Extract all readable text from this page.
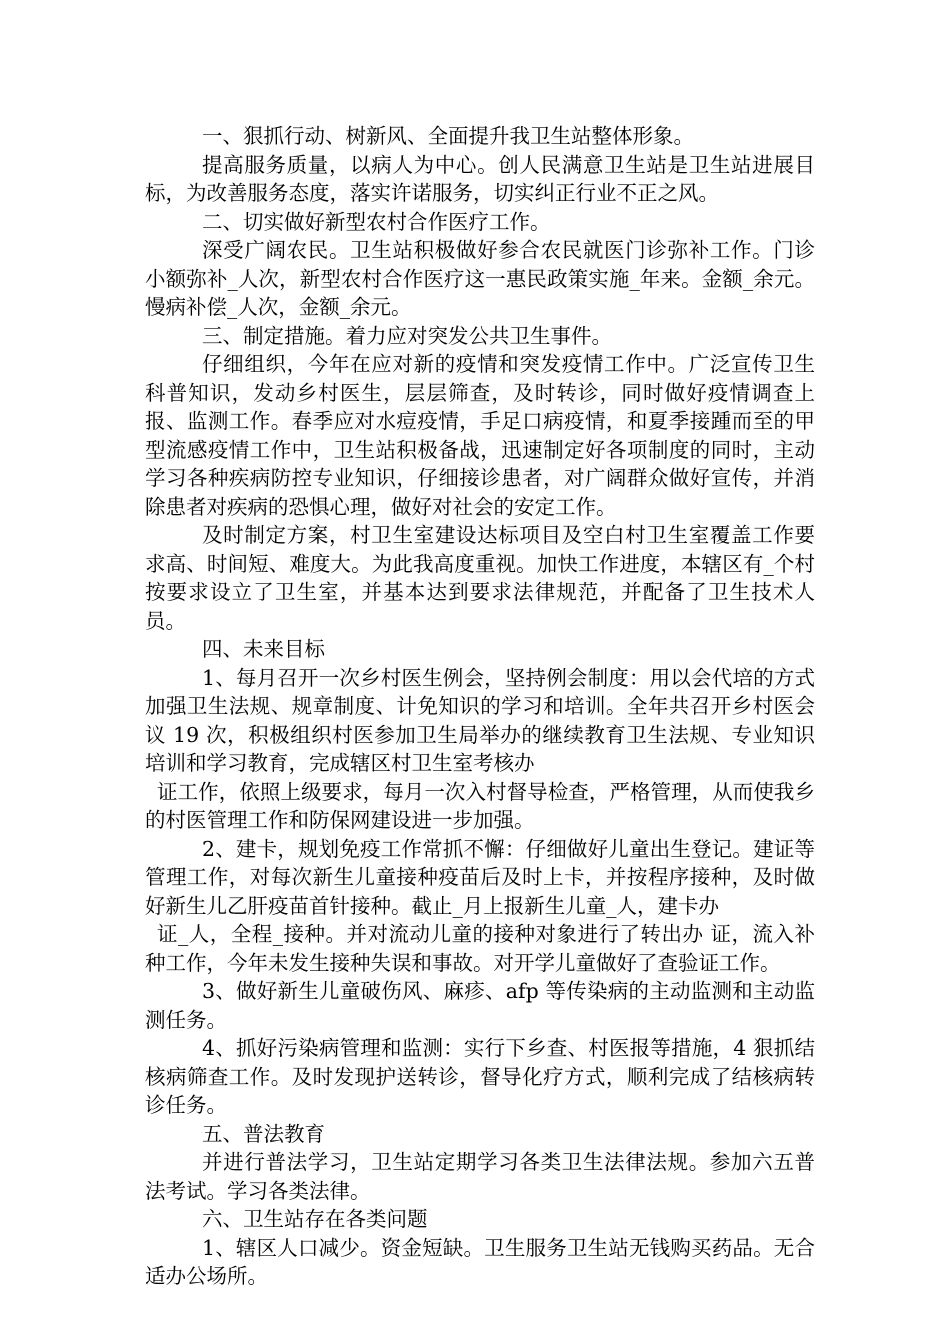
一、狠抓行动、树新风、全面提升我卫生站整体形象。

提高服务质量，以病人为中心。创人民满意卫生站是卫生站进展目标，为改善服务态度，落实许诺服务，切实纠正行业不正之风。

二、切实做好新型农村合作医疗工作。

深受广阔农民。卫生站积极做好参合农民就医门诊弥补工作。门诊小额弥补_人次，新型农村合作医疗这一惠民政策实施_年来。金额_余元。慢病补偿_人次，金额_余元。

三、制定措施。着力应对突发公共卫生事件。

仔细组织，今年在应对新的疫情和突发疫情工作中。广泛宣传卫生科普知识，发动乡村医生，层层筛查，及时转诊，同时做好疫情调查上报、监测工作。春季应对水痘疫情，手足口病疫情，和夏季接踵而至的甲型流感疫情工作中，卫生站积极备战，迅速制定好各项制度的同时，主动学习各种疾病防控专业知识，仔细接诊患者，对广阔群众做好宣传，并消除患者对疾病的恐惧心理，做好对社会的安定工作。

及时制定方案，村卫生室建设达标项目及空白村卫生室覆盖工作要求高、时间短、难度大。为此我高度重视。加快工作进度，本辖区有_个村按要求设立了卫生室，并基本达到要求法律规范，并配备了卫生技术人员。

四、未来目标

1、每月召开一次乡村医生例会，坚持例会制度：用以会代培的方式加强卫生法规、规章制度、计免知识的学习和培训。全年共召开乡村医会议 19 次，积极组织村医参加卫生局举办的继续教育卫生法规、专业知识培训和学习教育，完成辖区村卫生室考核办

证工作，依照上级要求，每月一次入村督导检查，严格管理，从而使我乡的村医管理工作和防保网建设进一步加强。

2、建卡，规划免疫工作常抓不懈：仔细做好儿童出生登记。建证等管理工作，对每次新生儿童接种疫苗后及时上卡，并按程序接种，及时做好新生儿乙肝疫苗首针接种。截止_月上报新生儿童_人，建卡办

证_人，全程_接种。并对流动儿童的接种对象进行了转出办 证，流入补种工作，今年未发生接种失误和事故。对开学儿童做好了查验证工作。

3、做好新生儿童破伤风、麻疹、afp 等传染病的主动监测和主动监测任务。

4、抓好污染病管理和监测：实行下乡查、村医报等措施，4 狠抓结核病筛查工作。及时发现护送转诊，督导化疗方式，顺利完成了结核病转诊任务。

五、普法教育

并进行普法学习，卫生站定期学习各类卫生法律法规。参加六五普法考试。学习各类法律。

六、卫生站存在各类问题

1、辖区人口减少。资金短缺。卫生服务卫生站无钱购买药品。无合适办公场所。
